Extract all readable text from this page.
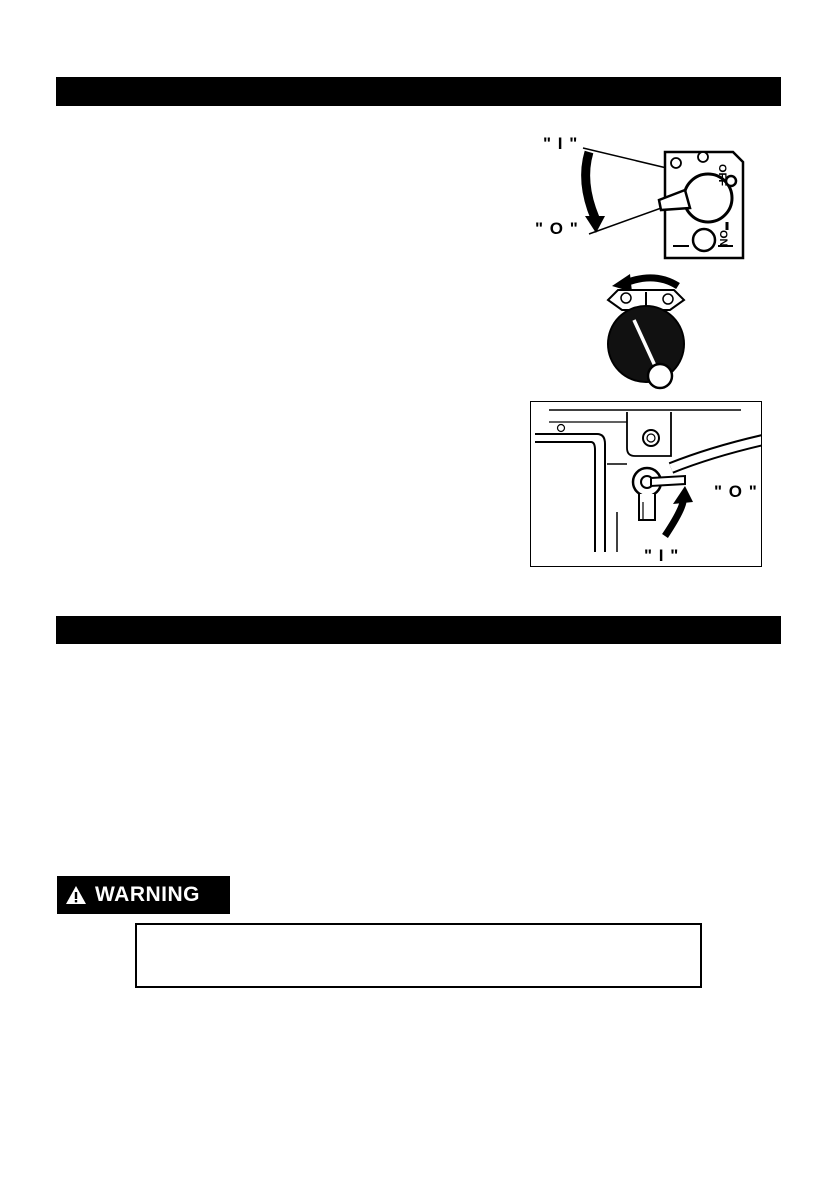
" I "
" O "
OFF
ON
" O "
" I "
WARNING
